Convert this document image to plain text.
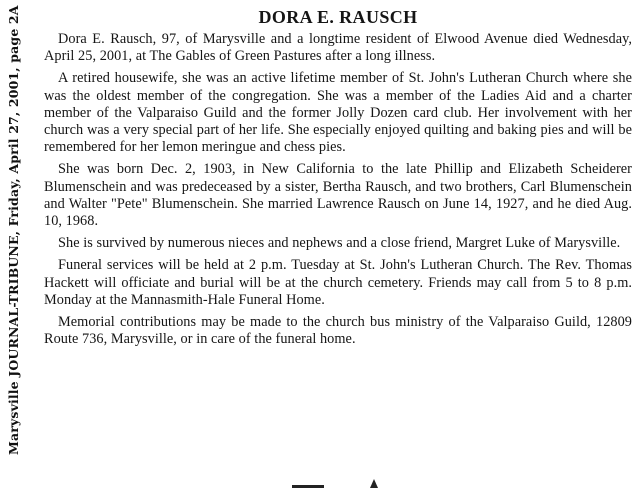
Marysville JOURNAL-TRIBUNE, Friday, April 27, 2001, page 2A	DORA E. RAUSCH

Dora E. Rausch, 97, of Marysville and a longtime resident of Elwood Avenue died Wednesday, April 25, 2001, at The Gables of Green Pastures after a long illness.

A retired housewife, she was an active lifetime member of St. John's Lutheran Church where she was the oldest member of the congregation. She was a member of the Ladies Aid and a charter member of the Valparaiso Guild and the former Jolly Dozen card club. Her involvement with her church was a very special part of her life. She especially enjoyed quilting and baking pies and will be remembered for her lemon meringue and chess pies.

She was born Dec. 2, 1903, in New California to the late Phillip and Elizabeth Scheiderer Blumenschein and was predeceased by a sister, Bertha Rausch, and two brothers, Carl Blumenschein and Walter "Pete" Blumenschein. She married Lawrence Rausch on June 14, 1927, and he died Aug. 10, 1968.

She is survived by numerous nieces and nephews and a close friend, Margret Luke of Marysville.

Funeral services will be held at 2 p.m. Tuesday at St. John's Lutheran Church. The Rev. Thomas Hackett will officiate and burial will be at the church cemetery. Friends may call from 5 to 8 p.m. Monday at the Mannasmith-Hale Funeral Home.

Memorial contributions may be made to the church bus ministry of the Valparaiso Guild, 12809 Route 736, Marysville, or in care of the funeral home.
